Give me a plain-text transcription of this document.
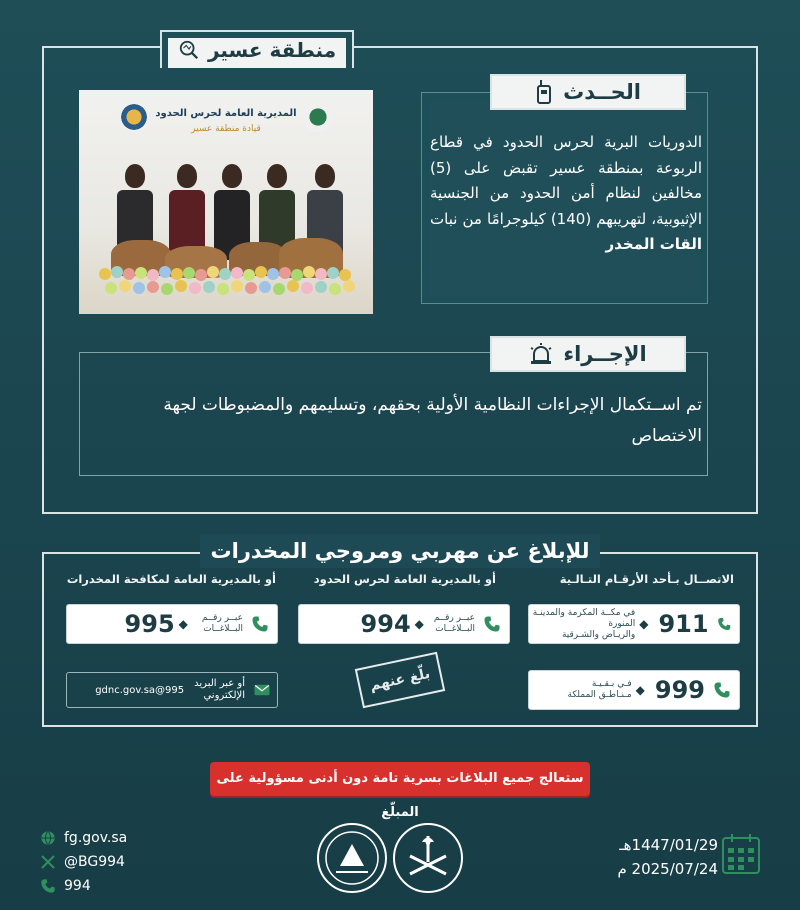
منطقة عسير
المديرية العامة لحرس الحدود
قيادة منطقة عسير
الحــدث
الدوريات البرية لحرس الحدود في قطاع الربوعة بمنطقة عسير تقبض على (5) مخالفين لنظام أمن الحدود من الجنسية الإثيوبية، لتهريبهم (140) كيلوجرامًا من نبات القات المخدر
الإجــراء
تم اســتكمال الإجراءات النظامية الأولية بحقهم، وتسليمهم والمضبوطات لجهة الاختصاص
للإبلاغ عن مهربي ومروجي المخدرات
الاتصــال بـأحد الأرقـام التـالـية
أو بالمديرية العامة لحرس الحدود
أو بالمديرية العامة لمكافحة المخدرات
911
◆
في مكــة المكرمة والمدينـة المنورة
والريـاض والشـرقية
999
◆
فـي بـقـيـة
مـنـاطـق المملكة
عبــر رقــم
البــلاغــات
◆
994
عبــر رقــم
البــلاغــات
◆
995
أو عبر البريد
الإلكتروني
995@gdnc.gov.sa	بلّغ عنهم
ستعالج جميع البلاغات بسرية تامة دون أدنى مسؤولية على المبلّغ
fg.gov.sa
@BG994
994
1447/01/29هـ
2025/07/24 م
